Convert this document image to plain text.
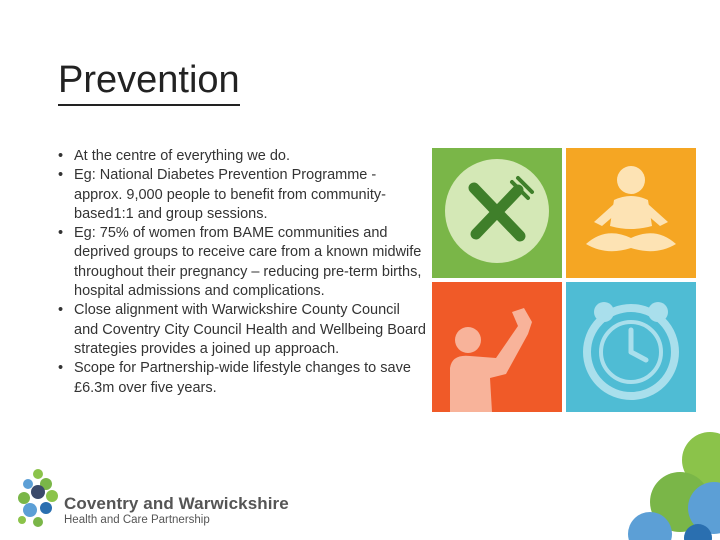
Prevention
• At the centre of everything we do.
• Eg: National Diabetes Prevention Programme - approx. 9,000 people to benefit from community-based1:1 and group sessions.
• Eg: 75% of women from BAME communities and deprived groups to receive care from a known midwife throughout their pregnancy – reducing pre-term births, hospital admissions and complications.
• Close alignment with Warwickshire County Council and Coventry City Council Health and Wellbeing Board strategies provides a joined up approach.
• Scope for Partnership-wide lifestyle changes to save £6.3m over five years.
Coventry and Warwickshire
Health and Care Partnership
